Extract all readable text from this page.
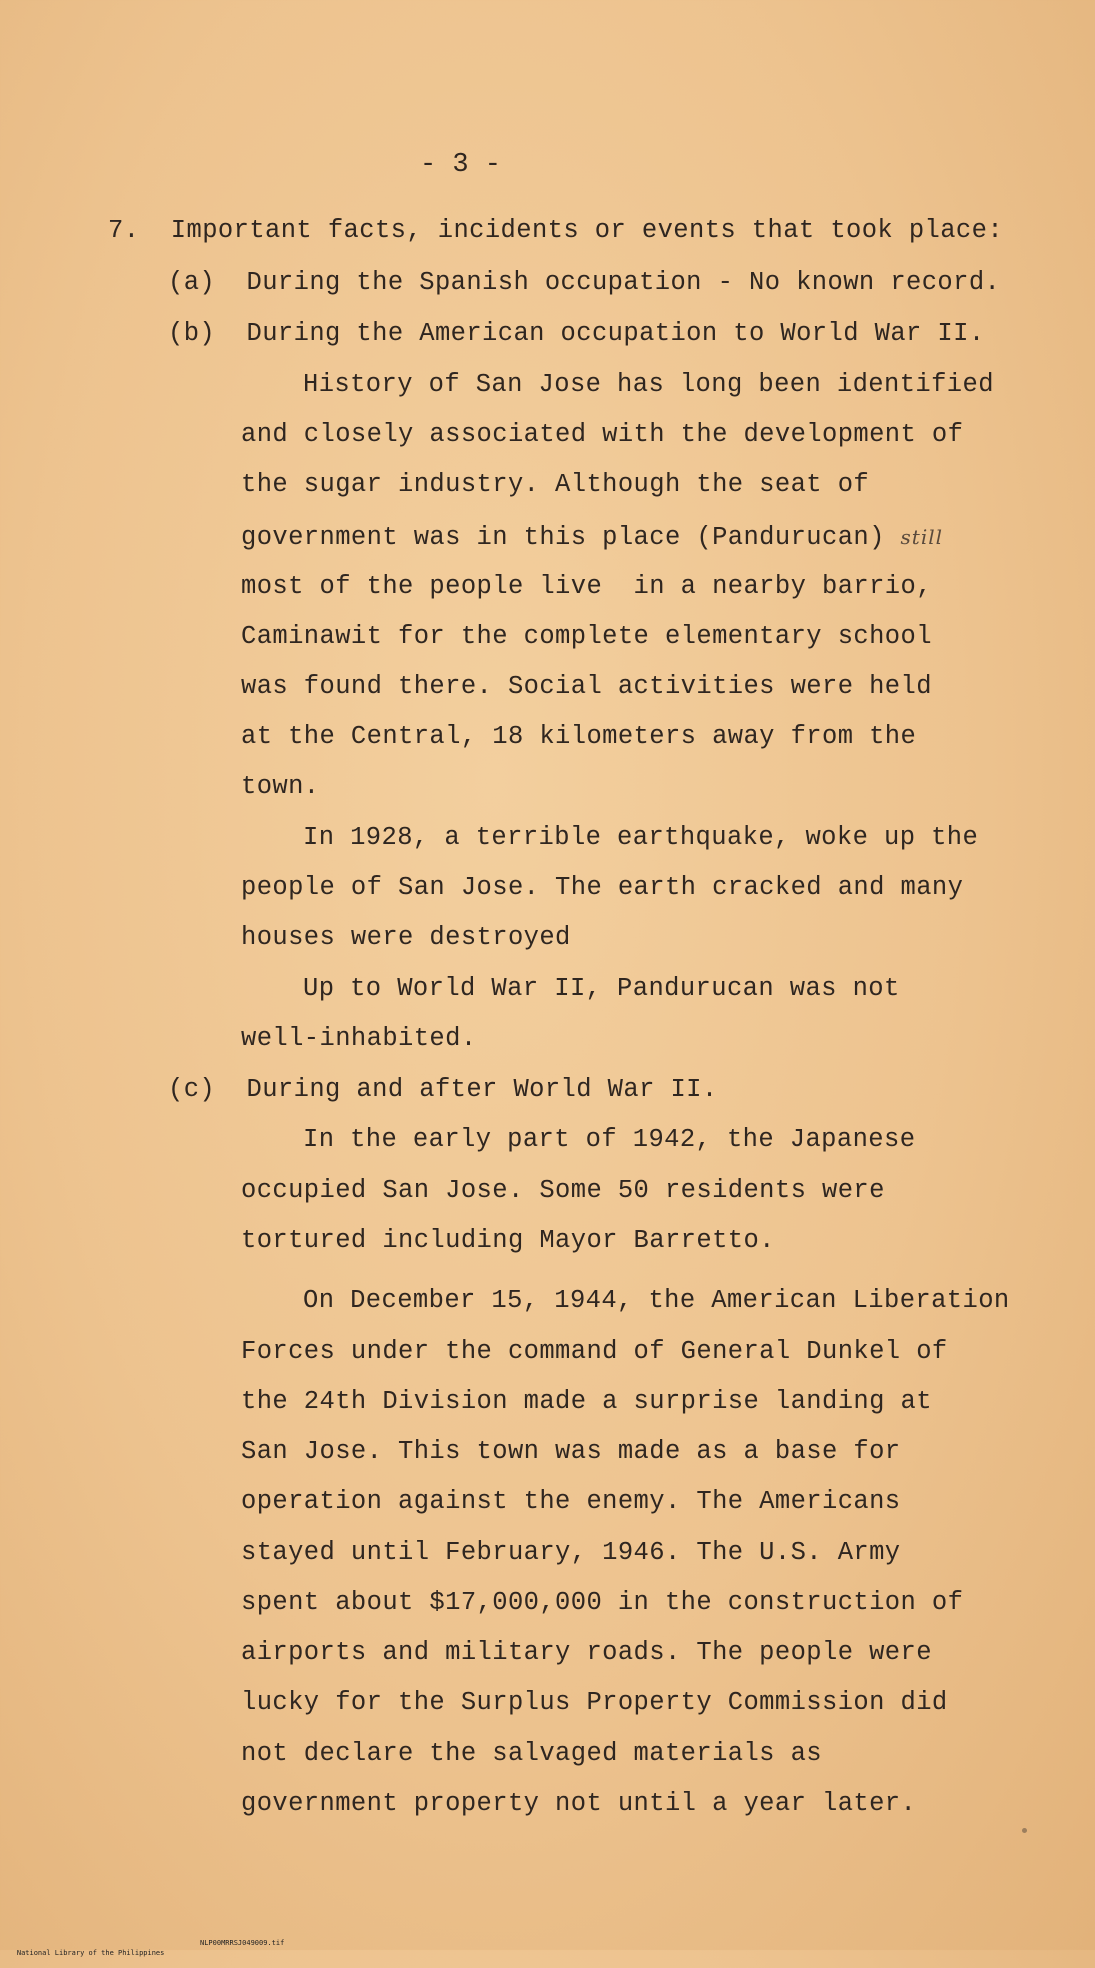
- 3 -
7.  Important facts, incidents or events that took place:
(a)  During the Spanish occupation - No known record.
(b)  During the American occupation to World War II.
History of San Jose has long been identified
and closely associated with the development of
the sugar industry. Although the seat of
government was in this place (Pandurucan) still
most of the people live  in a nearby barrio,
Caminawit for the complete elementary school
was found there. Social activities were held
at the Central, 18 kilometers away from the
town.
In 1928, a terrible earthquake, woke up the
people of San Jose. The earth cracked and many
houses were destroyed
Up to World War II, Pandurucan was not
well-inhabited.
(c)  During and after World War II.
In the early part of 1942, the Japanese
occupied San Jose. Some 50 residents were
tortured including Mayor Barretto.
On December 15, 1944, the American Liberation
Forces under the command of General Dunkel of
the 24th Division made a surprise landing at
San Jose. This town was made as a base for
operation against the enemy. The Americans
stayed until February, 1946. The U.S. Army
spent about $17,000,000 in the construction of
airports and military roads. The people were
lucky for the Surplus Property Commission did
not declare the salvaged materials as
government property not until a year later.

National Library of the Philippines
NLP00MRRSJ049009.tif
